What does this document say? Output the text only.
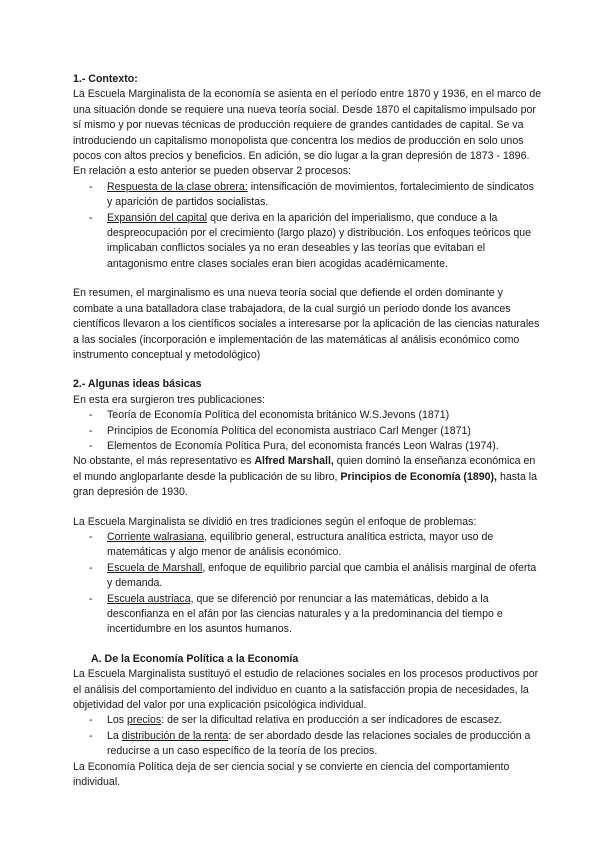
1.- Contexto:

La Escuela Marginalista de la economía se asienta en el período entre 1870 y 1936, en el marco de una situación donde se requiere una nueva teoría social. Desde 1870 el capitalismo impulsado por sí mismo y por nuevas técnicas de producción requiere de grandes cantidades de capital. Se va introduciendo un capitalismo monopolista que concentra los medios de producción en solo unos pocos con altos precios y beneficios. En adición, se dio lugar a la gran depresión de 1873 - 1896. En relación a esto anterior se pueden observar 2 procesos:

- Respuesta de la clase obrera: intensificación de movimientos, fortalecimiento de sindicatos y aparición de partidos socialistas.
- Expansión del capital que deriva en la aparición del imperialismo, que conduce a la despreocupación por el crecimiento (largo plazo) y distribución. Los enfoques teóricos que implicaban conflictos sociales ya no eran deseables y las teorías que evitaban el antagonismo entre clases sociales eran bien acogidas académicamente.

En resumen, el marginalismo es una nueva teoría social que defiende el orden dominante y combate a una batalladora clase trabajadora, de la cual surgió un período donde los avances científicos llevaron a los científicos sociales a interesarse por la aplicación de las ciencias naturales a las sociales (incorporación e implementación de las matemáticas al análisis económico como instrumento conceptual y metodológico)

2.- Algunas ideas básicas

En esta era surgieron tres publicaciones:

- Teoría de Economía Política del economista británico W.S.Jevons (1871)
- Principios de Economía Política del economista austriaco Carl Menger (1871)
- Elementos de Economía Política Pura, del economista francés Leon Walras (1974).

No obstante, el más representativo es Alfred Marshall, quien dominó la enseñanza económica en el mundo angloparlante desde la publicación de su libro, Principios de Economía (1890), hasta la gran depresión de 1930.

La Escuela Marginalista se dividió en tres tradiciones según el enfoque de problemas:

- Corriente walrasiana, equilibrio general, estructura analítica estricta, mayor uso de matemáticas y algo menor de análisis económico.
- Escuela de Marshall, enfoque de equilibrio parcial que cambia el análisis marginal de oferta y demanda.
- Escuela austriaca, que se diferenció por renunciar a las matemáticas, debido a la desconfianza en el afán por las ciencias naturales y a la predominancia del tiempo e incertidumbre en los asuntos humanos.
A. De la Economía Política a la Economía

La Escuela Marginalista sustituyó el estudio de relaciones sociales en los procesos productivos por el análisis del comportamiento del individuo en cuanto a la satisfacción propia de necesidades, la objetividad del valor por una explicación psicológica individual.

- Los precios: de ser la dificultad relativa en producción a ser indicadores de escasez.
- La distribución de la renta: de ser abordado desde las relaciones sociales de producción a reducirse a un caso específico de la teoría de los precios.

La Economía Política deja de ser ciencia social y se convierte en ciencia del comportamiento individual.
